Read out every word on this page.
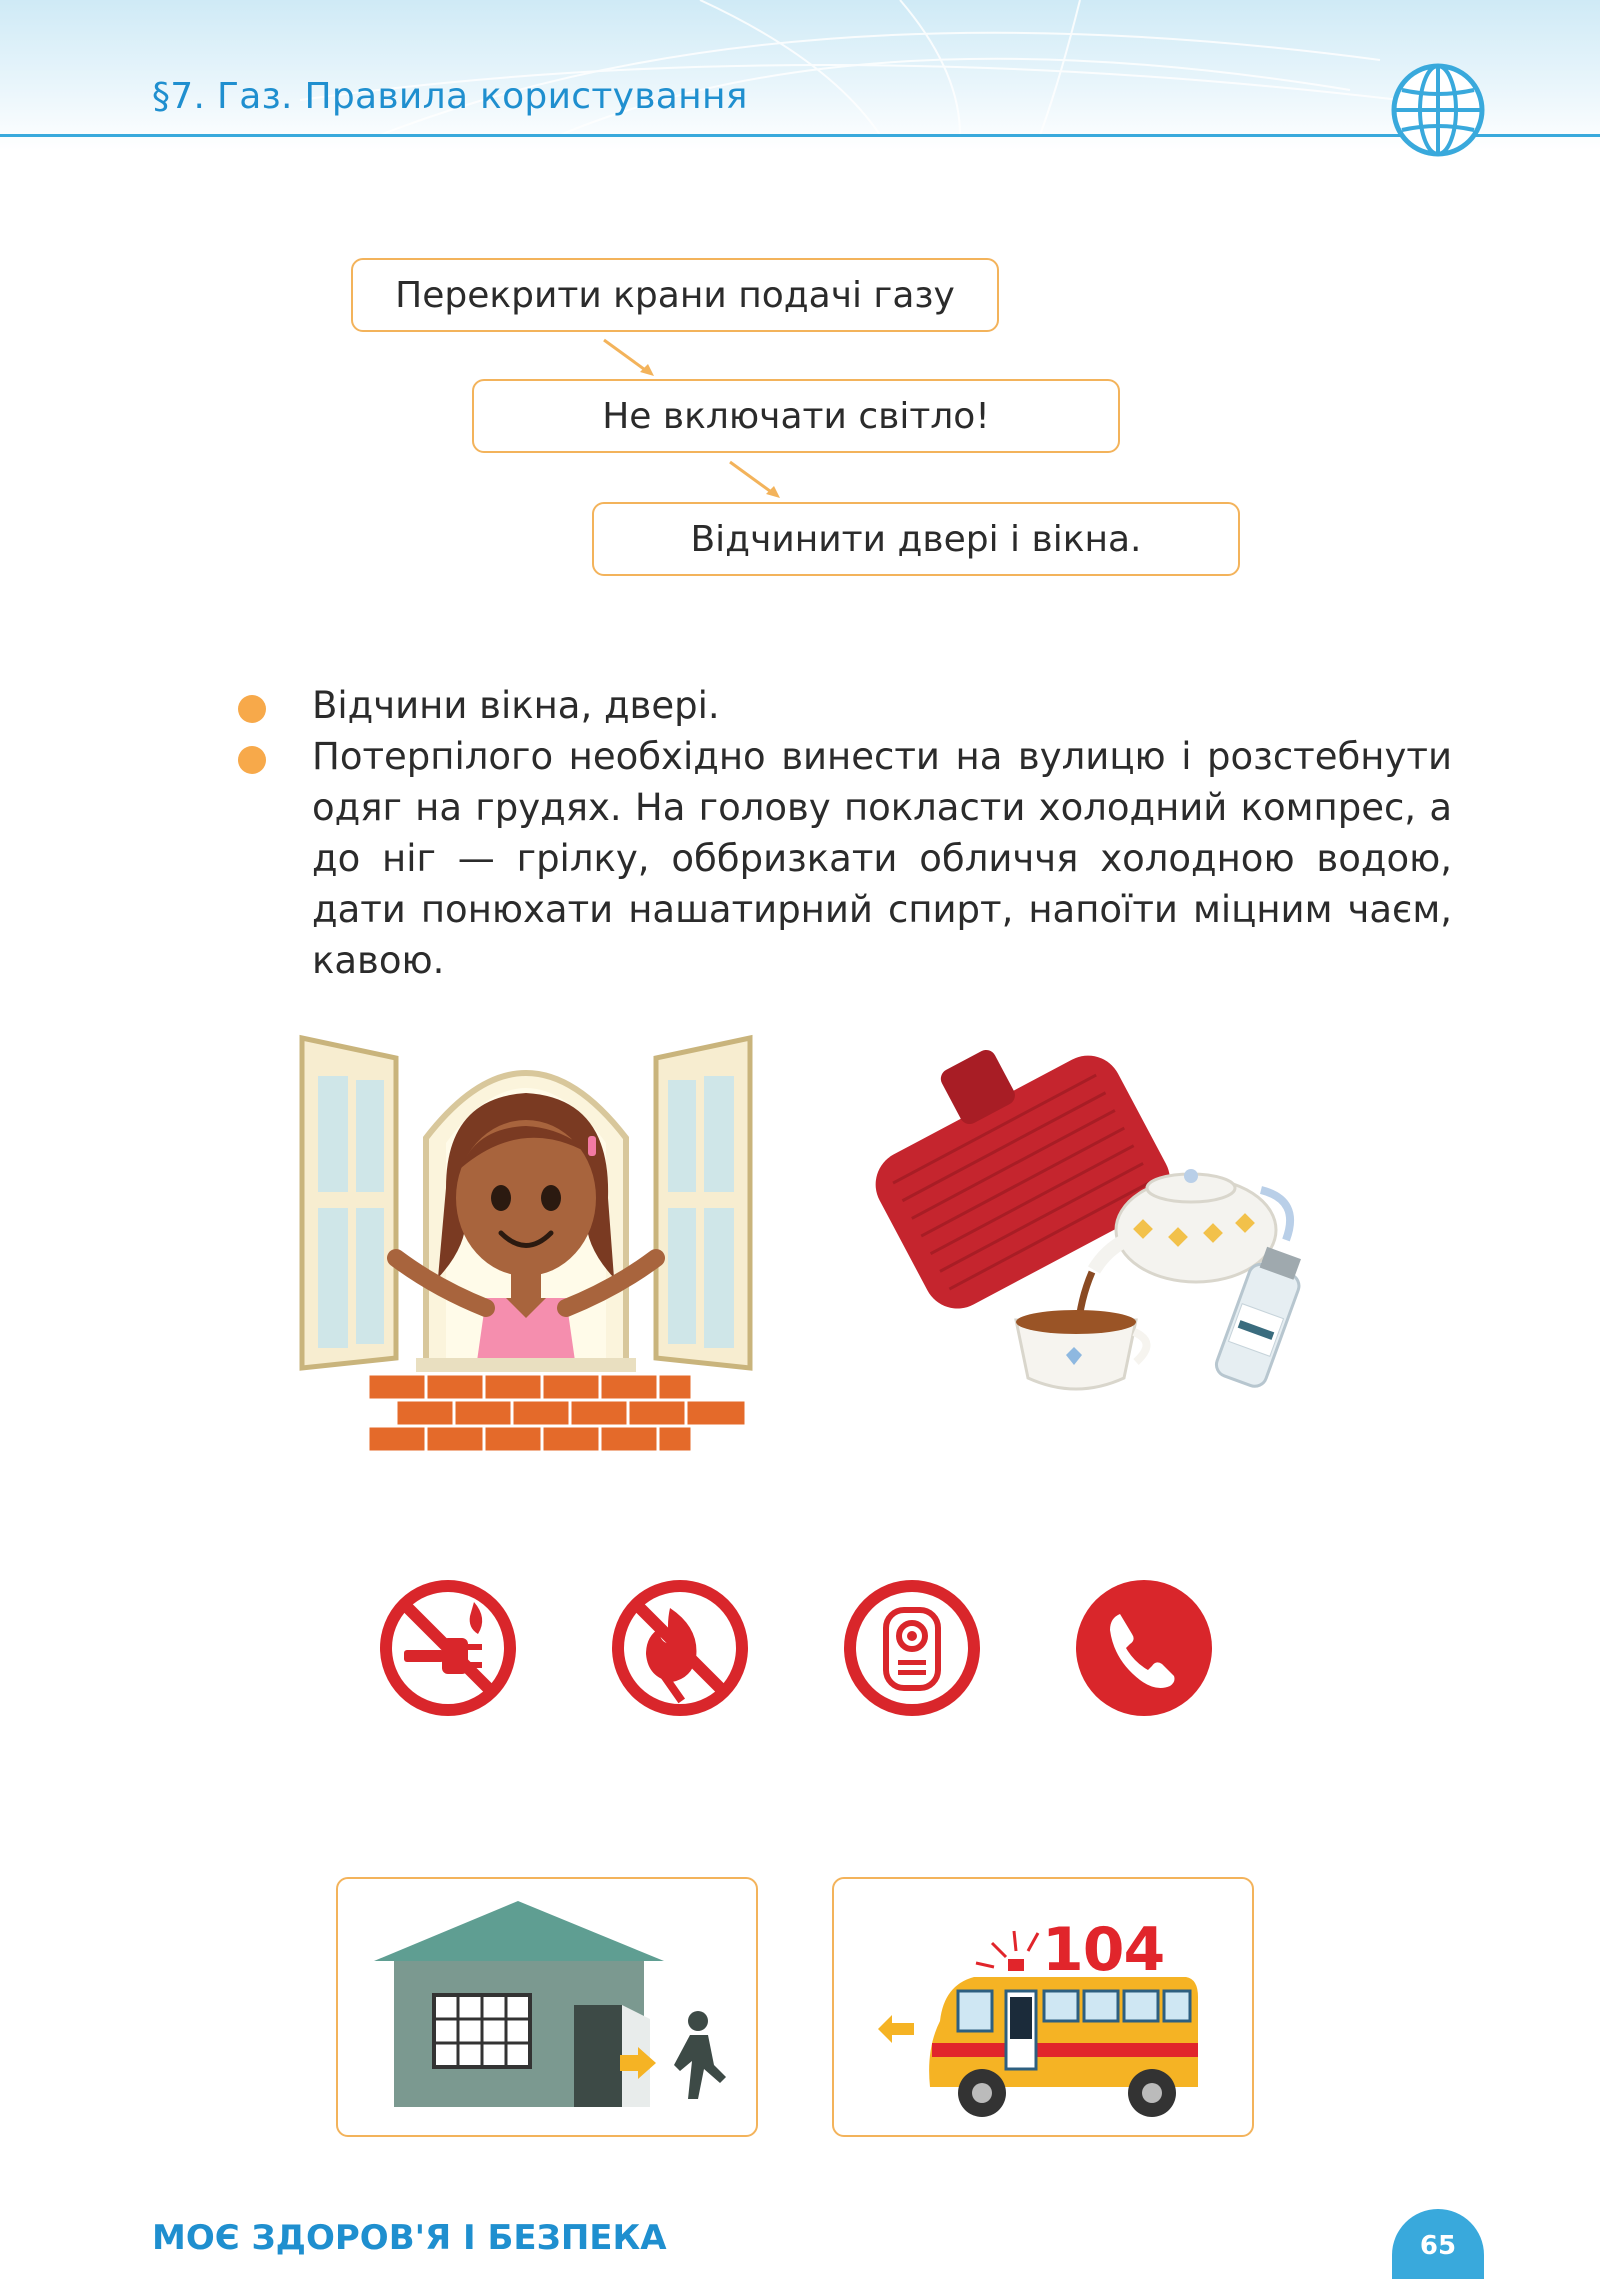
§7. Газ. Правила користування
Перекрити крани подачі газу
Не включати світло!
Відчинити двері і вікна.

Відчини вікна, двері.

Потерпілого необхідно винести на вулицю і розстебнути одяг на грудях. На голову покласти холодний компрес, а до ніг — грілку, оббризкати обличчя холодною водою, дати понюхати нашатирний спирт, напоїти міцним чаєм, кавою.

104
МОЄ ЗДОРОВ'Я І БЕЗПЕКА	65
